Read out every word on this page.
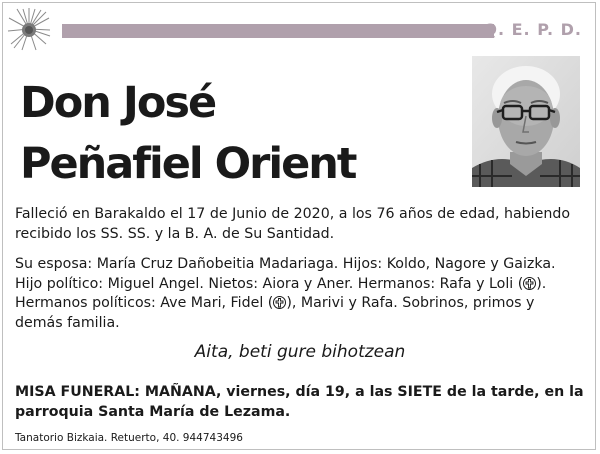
Q. E. P. D.
Don José
Peñafiel Orient
Falleció en Barakaldo el 17 de Junio de 2020, a los 76 años de edad, habiendo recibido los SS. SS. y la B. A. de Su Santidad.
Su esposa: María Cruz Dañobeitia Madariaga. Hijos: Koldo, Nagore y Gaizka. Hijo político: Miguel Angel. Nietos: Aiora y Aner. Hermanos: Rafa y Loli ( ). Hermanos políticos: Ave Mari, Fidel ( ), Marivi y Rafa. Sobrinos, primos y demás familia.
Aita, beti gure bihotzean
MISA FUNERAL: MAÑANA, viernes, día 19, a las SIETE de la tarde, en la parroquia Santa María de Lezama.
Tanatorio Bizkaia. Retuerto, 40. 944743496
